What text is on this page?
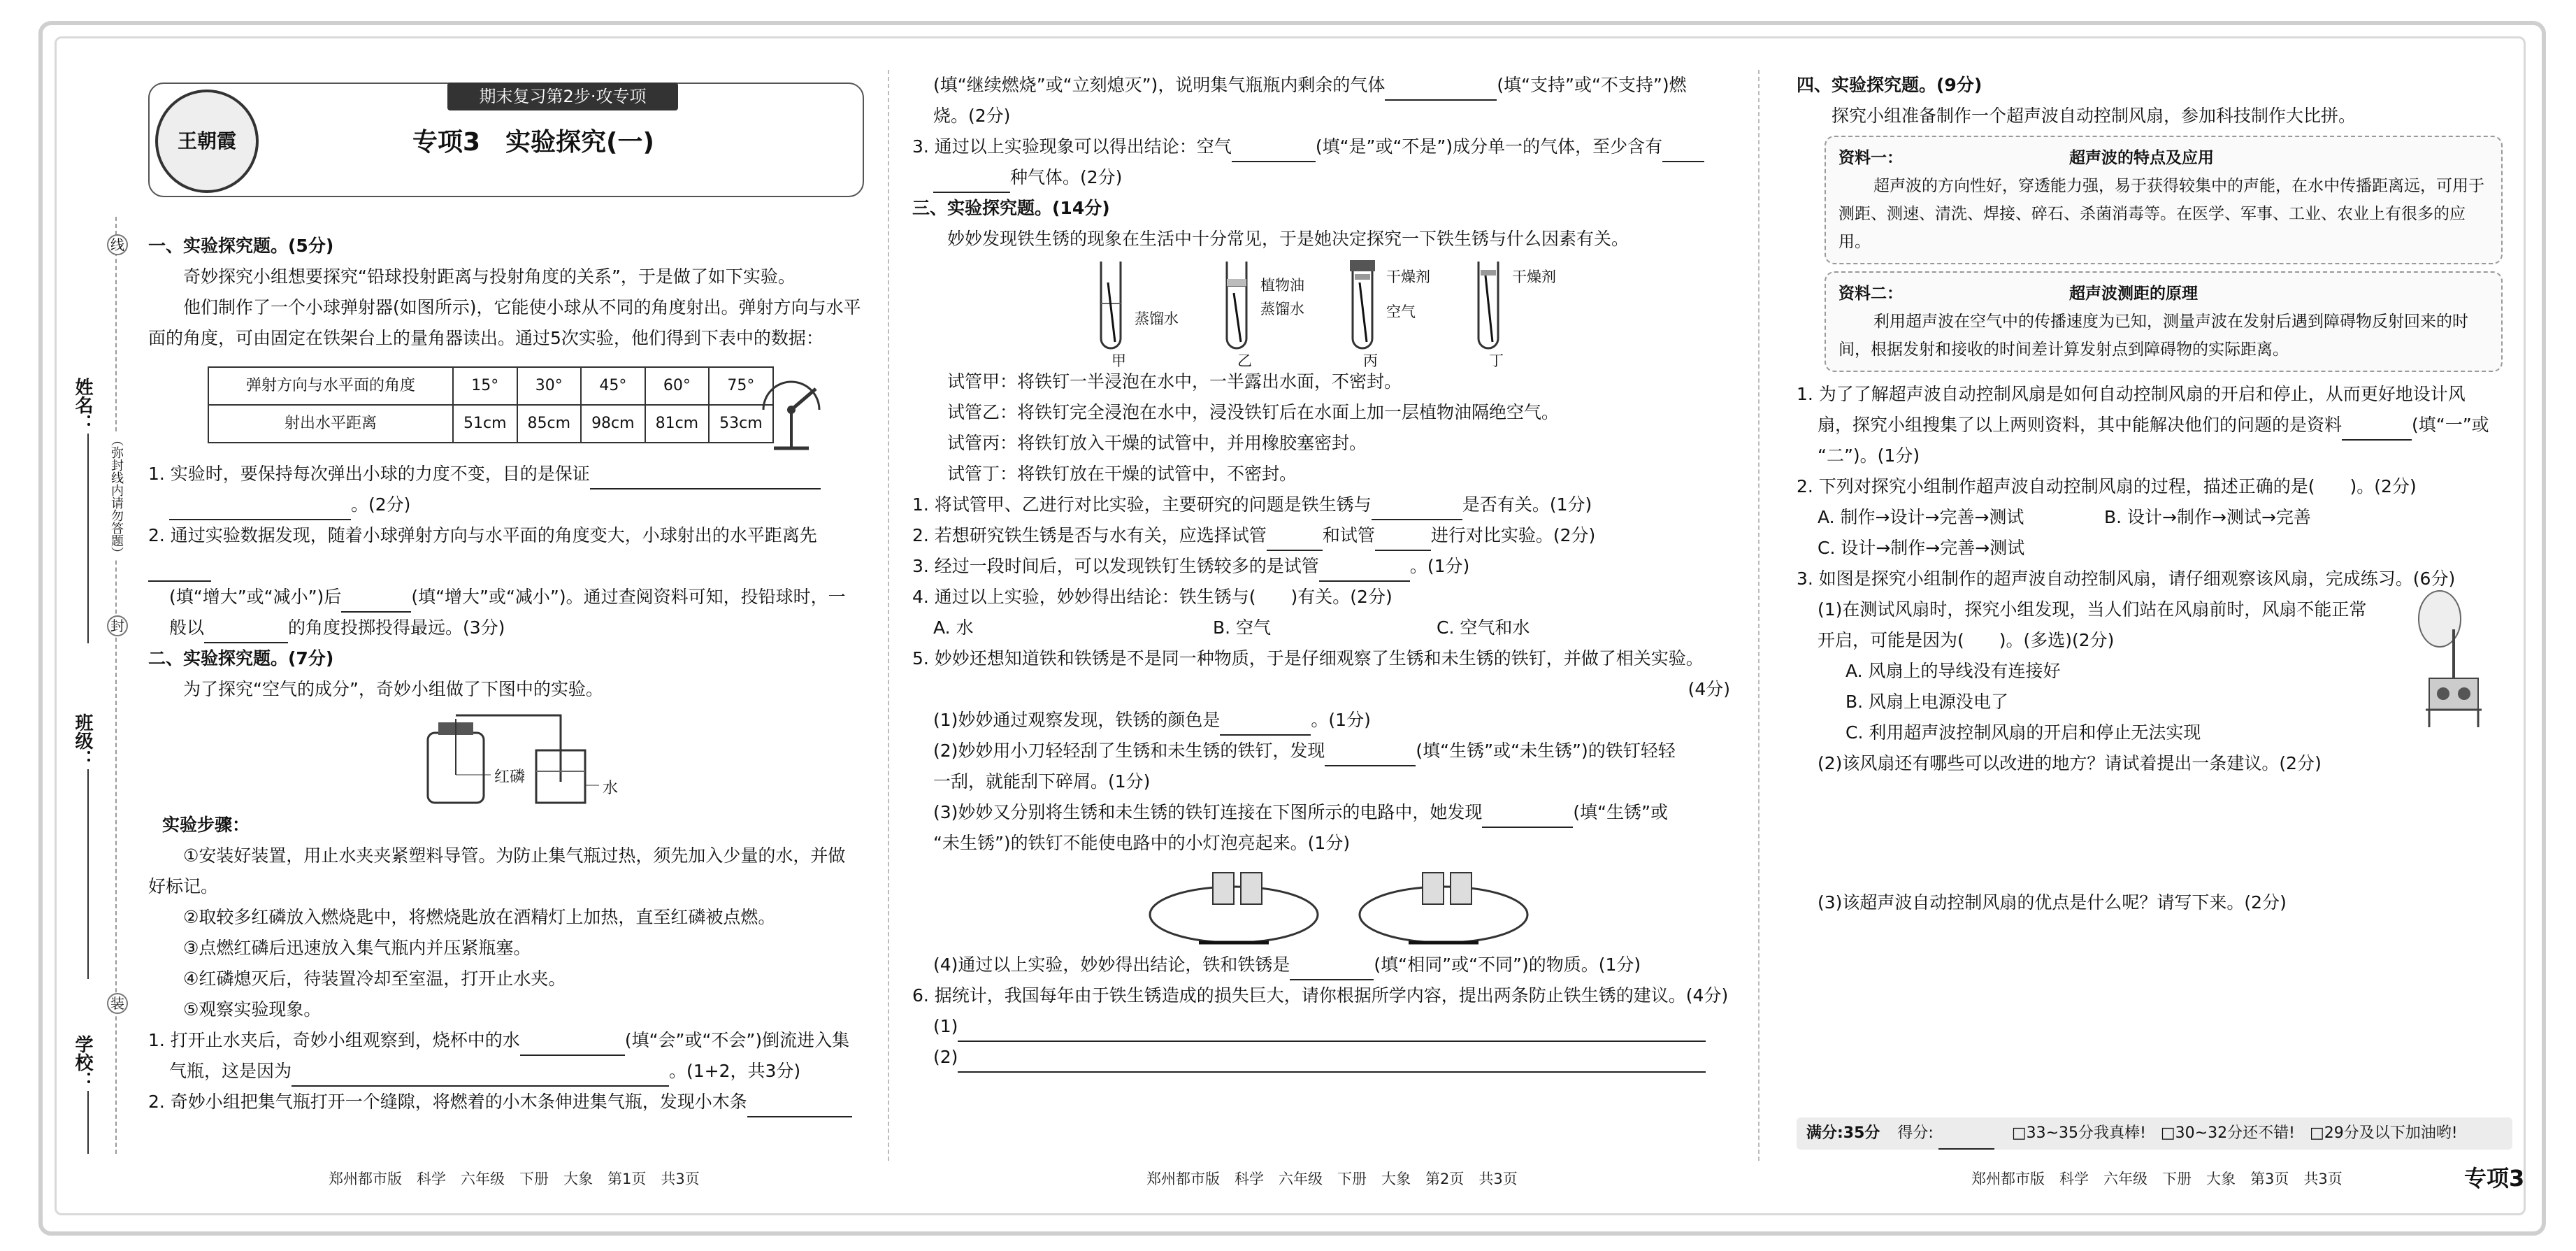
姓名：
班级：
学校：
线
封
装
（弥封线内请勿答题）
王朝霞
期末复习第2步·攻专项
专项3　实验探究(一)

一、实验探究题。(5分)

奇妙探究小组想要探究“铅球投射距离与投射角度的关系”，于是做了如下实验。

他们制作了一个小球弹射器(如图所示)，它能使小球从不同的角度射出。弹射方向与水平面的角度，可由固定在铁架台上的量角器读出。通过5次实验，他们得到下表中的数据：

弹射方向与水平面的角度	15°	30°	45°	60°	75°
射出水平距离	51cm	85cm	98cm	81cm	53cm

1. 实验时，要保持每次弹出小球的力度不变，目的是保证

。(2分)

2. 通过实验数据发现，随着小球弹射方向与水平面的角度变大，小球射出的水平距离先

(填“增大”或“减小”)后	(填“增大”或“减小”)。通过查阅资料可知，投铅球时，一

般以	的角度投掷投得最远。(3分)

二、实验探究题。(7分)

为了探究“空气的成分”，奇妙小组做了下图中的实验。

红磷
水

实验步骤：

①安装好装置，用止水夹夹紧塑料导管。为防止集气瓶过热，须先加入少量的水，并做好标记。

②取较多红磷放入燃烧匙中，将燃烧匙放在酒精灯上加热，直至红磷被点燃。

③点燃红磷后迅速放入集气瓶内并压紧瓶塞。

④红磷熄灭后，待装置冷却至室温，打开止水夹。

⑤观察实验现象。

1. 打开止水夹后，奇妙小组观察到，烧杯中的水	(填“会”或“不会”)倒流进入集

气瓶，这是因为	。(1+2，共3分)

2. 奇妙小组把集气瓶打开一个缝隙，将燃着的小木条伸进集气瓶，发现小木条

郑州都市版　科学　六年级　下册　大象　第1页　共3页

(填“继续燃烧”或“立刻熄灭”)，说明集气瓶瓶内剩余的气体	(填“支持”或“不支持”)燃

烧。(2分)

3. 通过以上实验现象可以得出结论：空气	(填“是”或“不是”)成分单一的气体，至少含有

种气体。(2分)

三、实验探究题。(14分)

妙妙发现铁生锈的现象在生活中十分常见，于是她决定探究一下铁生锈与什么因素有关。

蒸馏水
植物油
蒸馏水
干燥剂
空气
干燥剂
甲	乙	丙	丁

试管甲：将铁钉一半浸泡在水中，一半露出水面，不密封。

试管乙：将铁钉完全浸泡在水中，浸没铁钉后在水面上加一层植物油隔绝空气。

试管丙：将铁钉放入干燥的试管中，并用橡胶塞密封。

试管丁：将铁钉放在干燥的试管中，不密封。

1. 将试管甲、乙进行对比实验，主要研究的问题是铁生锈与	是否有关。(1分)

2. 若想研究铁生锈是否与水有关，应选择试管	和试管	进行对比实验。(2分)

3. 经过一段时间后，可以发现铁钉生锈较多的是试管	。(1分)

4. 通过以上实验，妙妙得出结论：铁生锈与(　　)有关。(2分)

A. 水	B. 空气	C. 空气和水

5. 妙妙还想知道铁和铁锈是不是同一种物质，于是仔细观察了生锈和未生锈的铁钉，并做了相关实验。

(4分)

(1)妙妙通过观察发现，铁锈的颜色是	。(1分)

(2)妙妙用小刀轻轻刮了生锈和未生锈的铁钉，发现	(填“生锈”或“未生锈”)的铁钉轻轻

一刮，就能刮下碎屑。(1分)

(3)妙妙又分别将生锈和未生锈的铁钉连接在下图所示的电路中，她发现	(填“生锈”或

“未生锈”)的铁钉不能使电路中的小灯泡亮起来。(1分)

(4)通过以上实验，妙妙得出结论，铁和铁锈是	(填“相同”或“不同”)的物质。(1分)

6. 据统计，我国每年由于铁生锈造成的损失巨大，请你根据所学内容，提出两条防止铁生锈的建议。(4分)

(1)

(2)

郑州都市版　科学　六年级　下册　大象　第2页　共3页

四、实验探究题。(9分)

探究小组准备制作一个超声波自动控制风扇，参加科技制作大比拼。

资料一：	超声波的特点及应用
超声波的方向性好，穿透能力强，易于获得较集中的声能，在水中传播距离远，可用于测距、测速、清洗、焊接、碎石、杀菌消毒等。在医学、军事、工业、农业上有很多的应用。
资料二：	超声波测距的原理
利用超声波在空气中的传播速度为已知，测量声波在发射后遇到障碍物反射回来的时间，根据发射和接收的时间差计算发射点到障碍物的实际距离。

1. 为了了解超声波自动控制风扇是如何自动控制风扇的开启和停止，从而更好地设计风

扇，探究小组搜集了以上两则资料，其中能解决他们的问题的是资料	(填“一”或

“二”)。(1分)

2. 下列对探究小组制作超声波自动控制风扇的过程，描述正确的是(　　)。(2分)

A. 制作→设计→完善→测试	B. 设计→制作→测试→完善

C. 设计→制作→完善→测试

3. 如图是探究小组制作的超声波自动控制风扇，请仔细观察该风扇，完成练习。(6分)

(1)在测试风扇时，探究小组发现，当人们站在风扇前时，风扇不能正常

开启，可能是因为(　　)。(多选)(2分)

A. 风扇上的导线没有连接好

B. 风扇上电源没电了

C. 利用超声波控制风扇的开启和停止无法实现

(2)该风扇还有哪些可以改进的地方？请试着提出一条建议。(2分)

(3)该超声波自动控制风扇的优点是什么呢？请写下来。(2分)

满分:35分 得分:	□33~35分我真棒! □30~32分还不错! □29分及以下加油哟!
郑州都市版　科学　六年级　下册　大象　第3页　共3页	专项3
